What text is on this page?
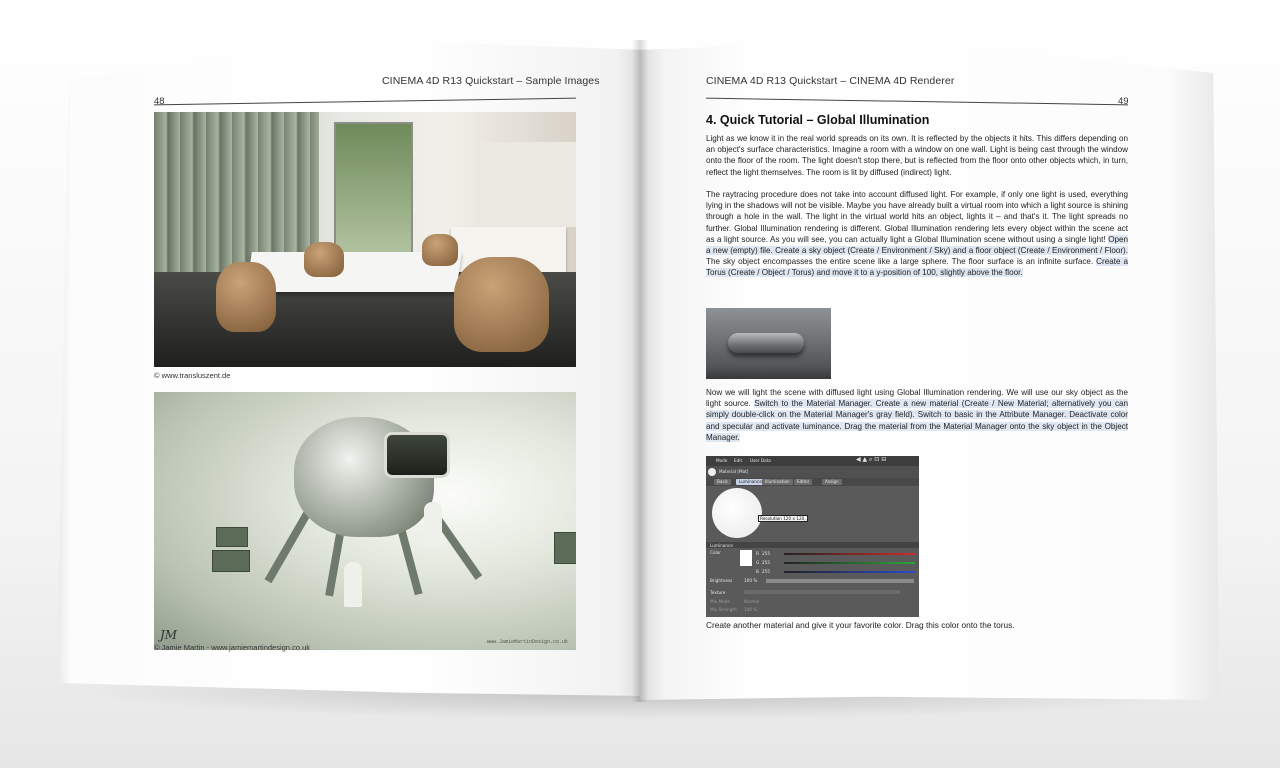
CINEMA 4D R13 Quickstart – Sample Images
48
© www.transluszent.de
JM	www.JamieMartinDesign.co.uk
© Jamie Martin - www.jamiemartindesign.co.uk
CINEMA 4D R13 Quickstart – CINEMA 4D Renderer
49
4. Quick Tutorial – Global Illumination

Light as we know it in the real world spreads on its own. It is reflected by the objects it hits. This differs depending on an object's surface characteristics. Imagine a room with a window on one wall. Light is being cast through the window onto the floor of the room. The light doesn't stop there, but is reflected from the floor onto other objects which, in turn, reflect the light themselves. The room is lit by diffused (indirect) light.

The raytracing procedure does not take into account diffused light. For example, if only one light is used, everything lying in the shadows will not be visible. Maybe you have already built a virtual room into which a light source is shining through a hole in the wall. The light in the virtual world hits an object, lights it – and that's it. The light spreads no further. Global Illumination rendering is different. Global Illumination rendering lets every object within the scene act as a light source. As you will see, you can actually light a Global Illumination scene without using a single light! Open a new (empty) file. Create a sky object (Create / Environment / Sky) and a floor object (Create / Environment / Floor). The sky object encompasses the entire scene like a large sphere. The floor surface is an infinite surface. Create a Torus (Create / Object / Torus) and move it to a y-position of 100, slightly above the floor.

Now we will light the scene with diffused light using Global Illumination rendering. We will use our sky object as the light source. Switch to the Material Manager. Create a new material (Create / New Material; alternatively you can simply double-click on the Material Manager's gray field). Switch to basic in the Attribute Manager. Deactivate color and specular and activate luminance. Drag the material from the Material Manager onto the sky object in the Object Manager.

Mode Edit User Data	◀ ▲ ⌕ ⊡ ⊟
Material [Mat]
Basic	Luminance Illumination	Editor	Assign
Resolution 120 x 120,
Luminance
Color	R 255
G 255
B 255
Brightness	100 %
Texture
Mix Mode	Normal
Mix Strength 100 %
Create another material and give it your favorite color. Drag this color onto the torus.
